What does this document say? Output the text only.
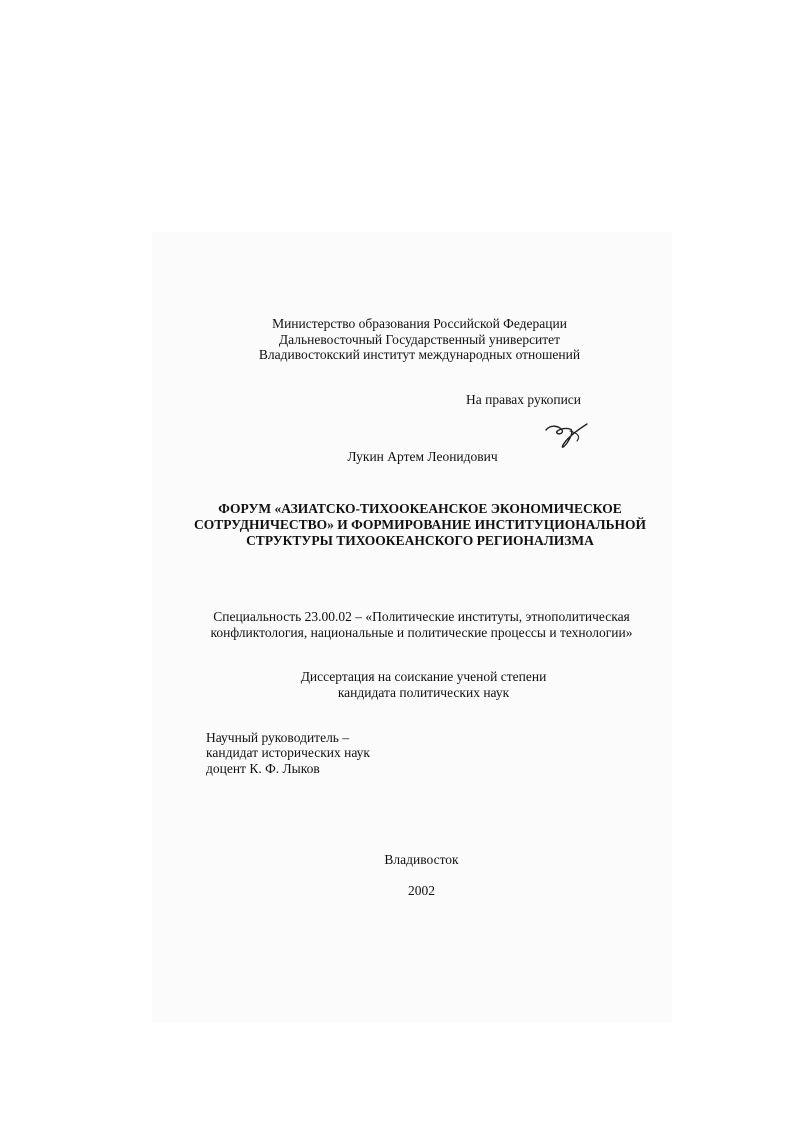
Министерство образования Российской Федерации
Дальневосточный Государственный университет
Владивостокский институт международных отношений
На правах рукописи
Лукин Артем Леонидович
ФОРУМ «АЗИАТСКО-ТИХООКЕАНСКОЕ ЭКОНОМИЧЕСКОЕ
СОТРУДНИЧЕСТВО» И ФОРМИРОВАНИЕ ИНСТИТУЦИОНАЛЬНОЙ
СТРУКТУРЫ ТИХООКЕАНСКОГО РЕГИОНАЛИЗМА
Специальность 23.00.02 – «Политические институты, этнополитическая
конфликтология, национальные и политические процессы и технологии»
Диссертация на соискание ученой степени
кандидата политических наук
Научный руководитель –
кандидат исторических наук
доцент К. Ф. Лыков
Владивосток
2002
